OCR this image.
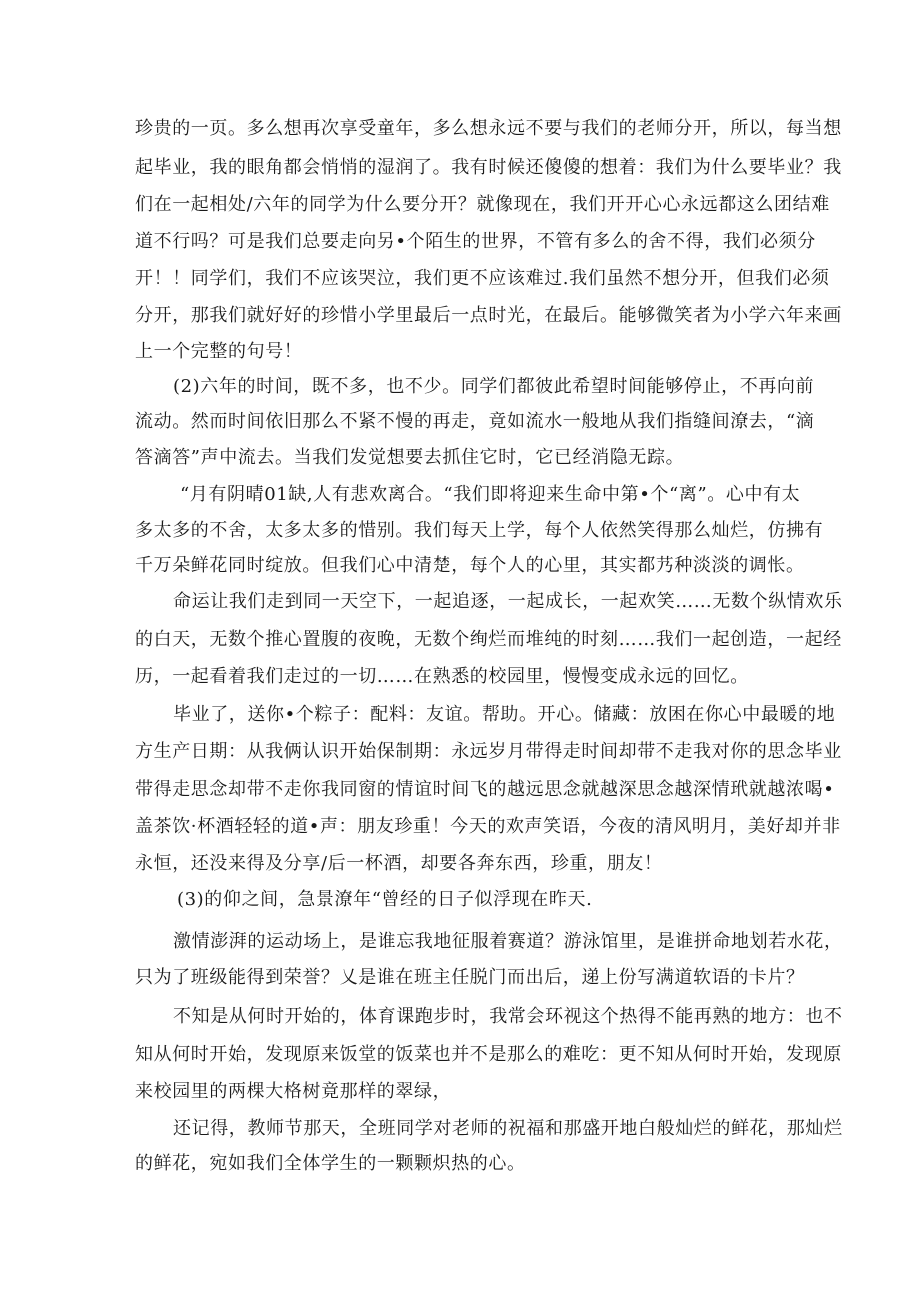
珍贵的一页。多么想再次享受童年，多么想永远不要与我们的老师分开，所以，每当想
起毕业，我的眼角都会悄悄的湿润了。我有时候还傻傻的想着：我们为什么要毕业？我
们在一起相处/六年的同学为什么要分开？就像现在，我们开开心心永远都这么团结难
道不行吗？可是我们总要走向另•个陌生的世界，不管有多么的舍不得，我们必须分
开！！同学们，我们不应该哭泣，我们更不应该难过.我们虽然不想分开，但我们必须
分开，那我们就好好的珍惜小学里最后一点时光，在最后。能够微笑者为小学六年来画
上一个完整的句号！
(2)六年的时间，既不多，也不少。同学们都彼此希望时间能够停止，不再向前
流动。然而时间依旧那么不紧不慢的再走，竟如流水一般地从我们指缝间潦去，“滴
答滴答”声中流去。当我们发觉想要去抓住它时，它已经消隐无踪。
“月有阴晴01缺,人有悲欢离合。“我们即将迎来生命中第•个“离”。心中有太
多太多的不舍，太多太多的惜别。我们每天上学，每个人依然笑得那么灿烂，仿拂有
千万朵鲜花同时绽放。但我们心中清楚，每个人的心里，其实都艿种淡淡的调怅。
命运让我们走到同一天空下，一起追逐，一起成长，一起欢笑……无数个纵情欢乐
的白天，无数个推心置腹的夜晚，无数个绚烂而堆纯的时刻……我们一起创造，一起经
历，一起看着我们走过的一切……在熟悉的校园里，慢慢变成永远的回忆。
毕业了，送你•个粽子：配料：友谊。帮助。开心。储藏：放困在你心中最暖的地
方生产日期：从我俩认识开始保制期：永远岁月带得走时间却带不走我对你的思念毕业
带得走思念却带不走你我同窗的情谊时间飞的越远思念就越深思念越深情玳就越浓喝•
盖茶饮·杯酒轻轻的道•声：朋友珍重！今天的欢声笑语，今夜的清风明月，美好却并非
永恒，还没来得及分享/后一杯酒，却要各奔东西，珍重，朋友！
(3)的仰之间，急景潦年“曾经的日子似浮现在昨天.
激情澎湃的运动场上，是谁忘我地征服着赛道？游泳馆里，是谁拼命地划若水花，
只为了班级能得到荣誉？乂是谁在班主任脱门而出后，递上份写满道软语的卡片？
不知是从何时开始的，体育课跑步时，我常会环视这个热得不能再熟的地方：也不
知从何时开始，发现原来饭堂的饭菜也并不是那么的难吃：更不知从何时开始，发现原
来校园里的两棵大格树竟那样的翠绿，
还记得，教师节那天，全班同学对老师的祝福和那盛开地白般灿烂的鲜花，那灿烂
的鲜花，宛如我们全体学生的一颗颗炽热的心。
